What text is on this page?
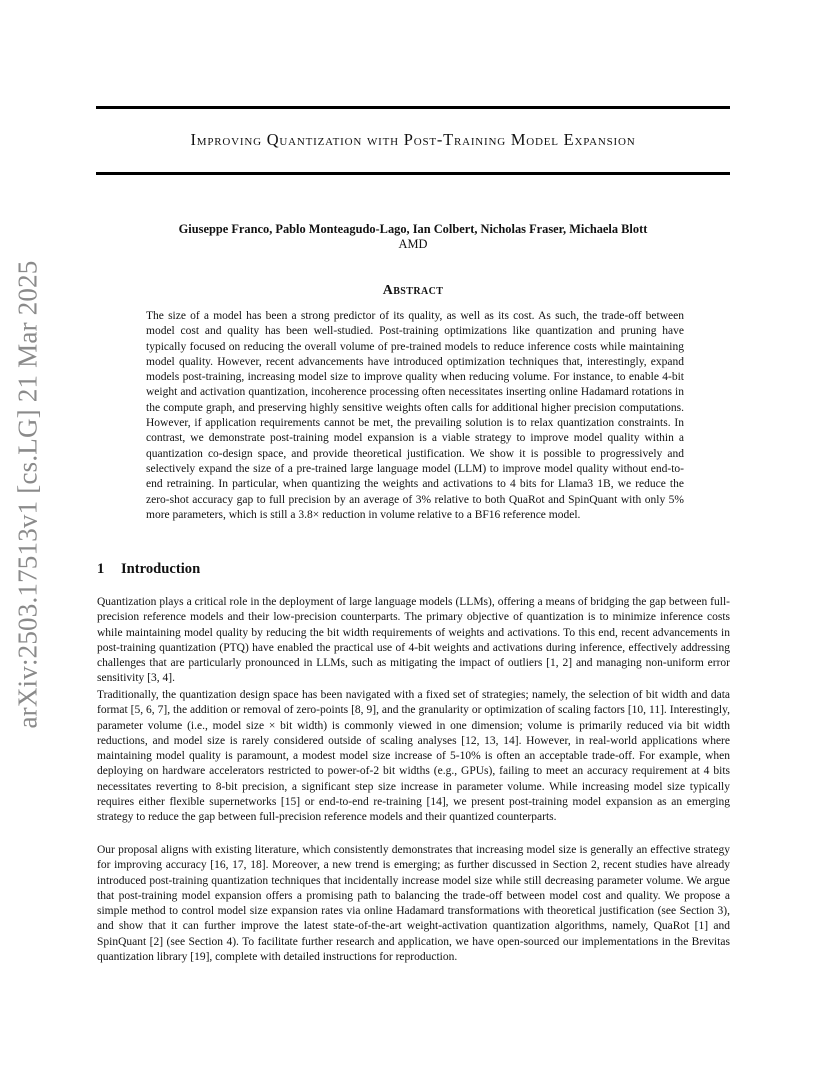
arXiv:2503.17513v1 [cs.LG] 21 Mar 2025
Improving Quantization with Post-Training Model Expansion
Giuseppe Franco, Pablo Monteagudo-Lago, Ian Colbert, Nicholas Fraser, Michaela Blott
AMD
Abstract
The size of a model has been a strong predictor of its quality, as well as its cost. As such, the trade-off between model cost and quality has been well-studied. Post-training optimizations like quantization and pruning have typically focused on reducing the overall volume of pre-trained models to reduce inference costs while maintaining model quality. However, recent advancements have introduced optimization techniques that, interestingly, expand models post-training, increasing model size to improve quality when reducing volume. For instance, to enable 4-bit weight and activation quantization, incoherence processing often necessitates inserting online Hadamard rotations in the compute graph, and preserving highly sensitive weights often calls for additional higher precision computations. However, if application requirements cannot be met, the prevailing solution is to relax quantization constraints. In contrast, we demonstrate post-training model expansion is a viable strategy to improve model quality within a quantization co-design space, and provide theoretical justification. We show it is possible to progressively and selectively expand the size of a pre-trained large language model (LLM) to improve model quality without end-to-end retraining. In particular, when quantizing the weights and activations to 4 bits for Llama3 1B, we reduce the zero-shot accuracy gap to full precision by an average of 3% relative to both QuaRot and SpinQuant with only 5% more parameters, which is still a 3.8× reduction in volume relative to a BF16 reference model.
1 Introduction
Quantization plays a critical role in the deployment of large language models (LLMs), offering a means of bridging the gap between full-precision reference models and their low-precision counterparts. The primary objective of quantization is to minimize inference costs while maintaining model quality by reducing the bit width requirements of weights and activations. To this end, recent advancements in post-training quantization (PTQ) have enabled the practical use of 4-bit weights and activations during inference, effectively addressing challenges that are particularly pronounced in LLMs, such as mitigating the impact of outliers [1, 2] and managing non-uniform error sensitivity [3, 4].
Traditionally, the quantization design space has been navigated with a fixed set of strategies; namely, the selection of bit width and data format [5, 6, 7], the addition or removal of zero-points [8, 9], and the granularity or optimization of scaling factors [10, 11]. Interestingly, parameter volume (i.e., model size × bit width) is commonly viewed in one dimension; volume is primarily reduced via bit width reductions, and model size is rarely considered outside of scaling analyses [12, 13, 14]. However, in real-world applications where maintaining model quality is paramount, a modest model size increase of 5-10% is often an acceptable trade-off. For example, when deploying on hardware accelerators restricted to power-of-2 bit widths (e.g., GPUs), failing to meet an accuracy requirement at 4 bits necessitates reverting to 8-bit precision, a significant step size increase in parameter volume. While increasing model size typically requires either flexible supernetworks [15] or end-to-end re-training [14], we present post-training model expansion as an emerging strategy to reduce the gap between full-precision reference models and their quantized counterparts.
Our proposal aligns with existing literature, which consistently demonstrates that increasing model size is generally an effective strategy for improving accuracy [16, 17, 18]. Moreover, a new trend is emerging; as further discussed in Section 2, recent studies have already introduced post-training quantization techniques that incidentally increase model size while still decreasing parameter volume. We argue that post-training model expansion offers a promising path to balancing the trade-off between model cost and quality. We propose a simple method to control model size expansion rates via online Hadamard transformations with theoretical justification (see Section 3), and show that it can further improve the latest state-of-the-art weight-activation quantization algorithms, namely, QuaRot [1] and SpinQuant [2] (see Section 4). To facilitate further research and application, we have open-sourced our implementations in the Brevitas quantization library [19], complete with detailed instructions for reproduction.
